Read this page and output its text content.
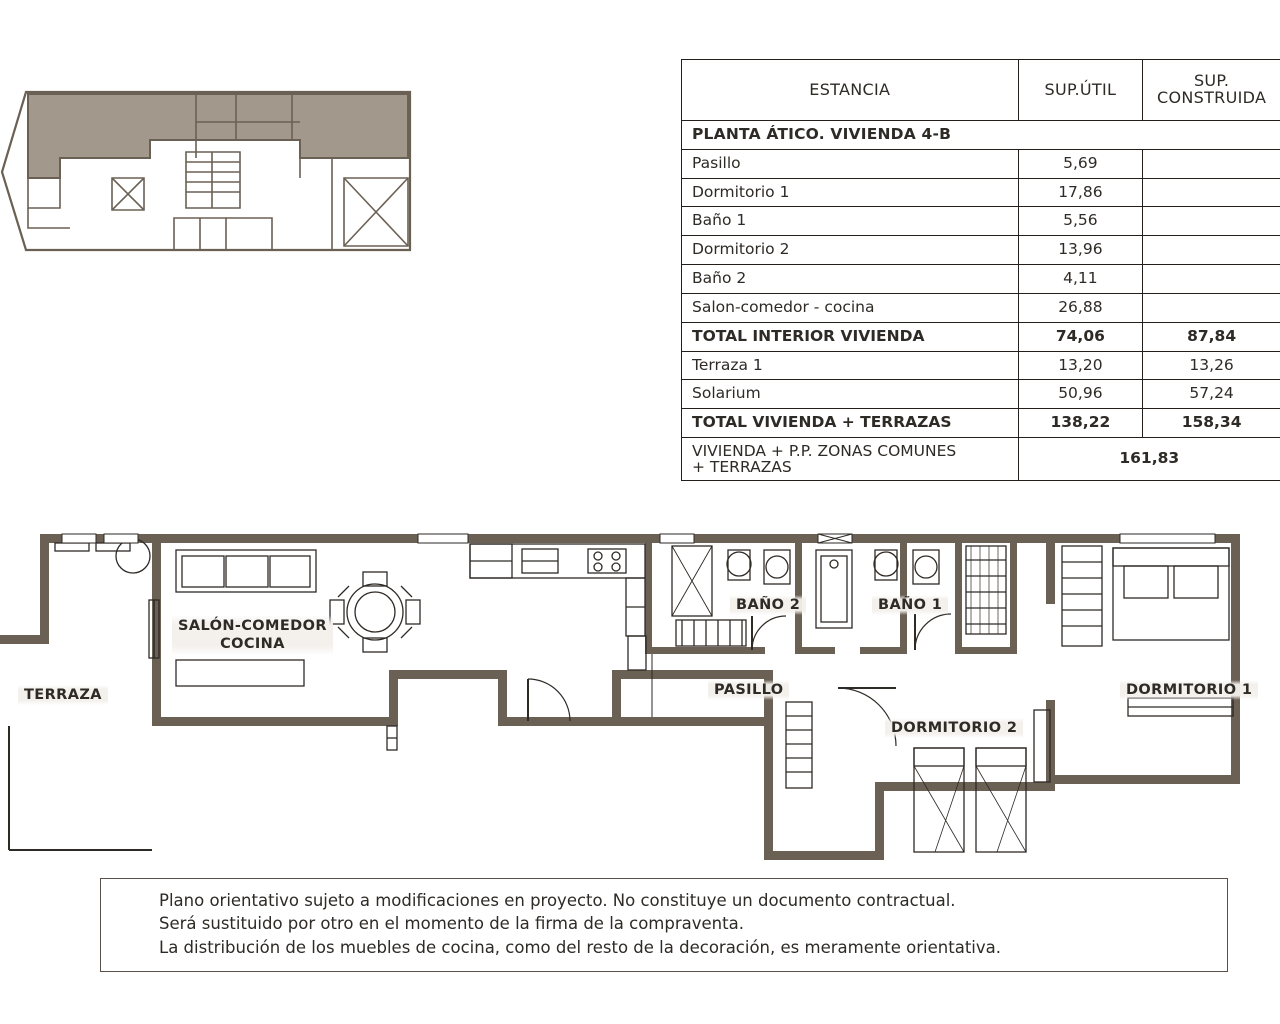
ESTANCIA	SUP.ÚTIL	SUP.
CONSTRUIDA

PLANTA ÁTICO. VIVIENDA 4-B		
Pasillo	5,69	
Dormitorio 1	17,86	
Baño 1	5,56	
Dormitorio 2	13,96	
Baño 2	4,11	
Salon-comedor - cocina	26,88	
TOTAL INTERIOR VIVIENDA	74,06	87,84
Terraza 1	13,20	13,26
Solarium	50,96	57,24
TOTAL VIVIENDA + TERRAZAS	138,22	158,34

VIVIENDA + P.P. ZONAS COMUNES
+ TERRAZAS	161,83	
TERRAZA
SALÓN-COMEDOR
COCINA
BAÑO 2	BAÑO 1
PASILLO	DORMITORIO 1
DORMITORIO 2
Plano orientativo sujeto a modificaciones en proyecto. No constituye un documento contractual.
Será sustituido por otro en el momento de la firma de la compraventa.
La distribución de los muebles de cocina, como del resto de la decoración, es meramente orientativa.
